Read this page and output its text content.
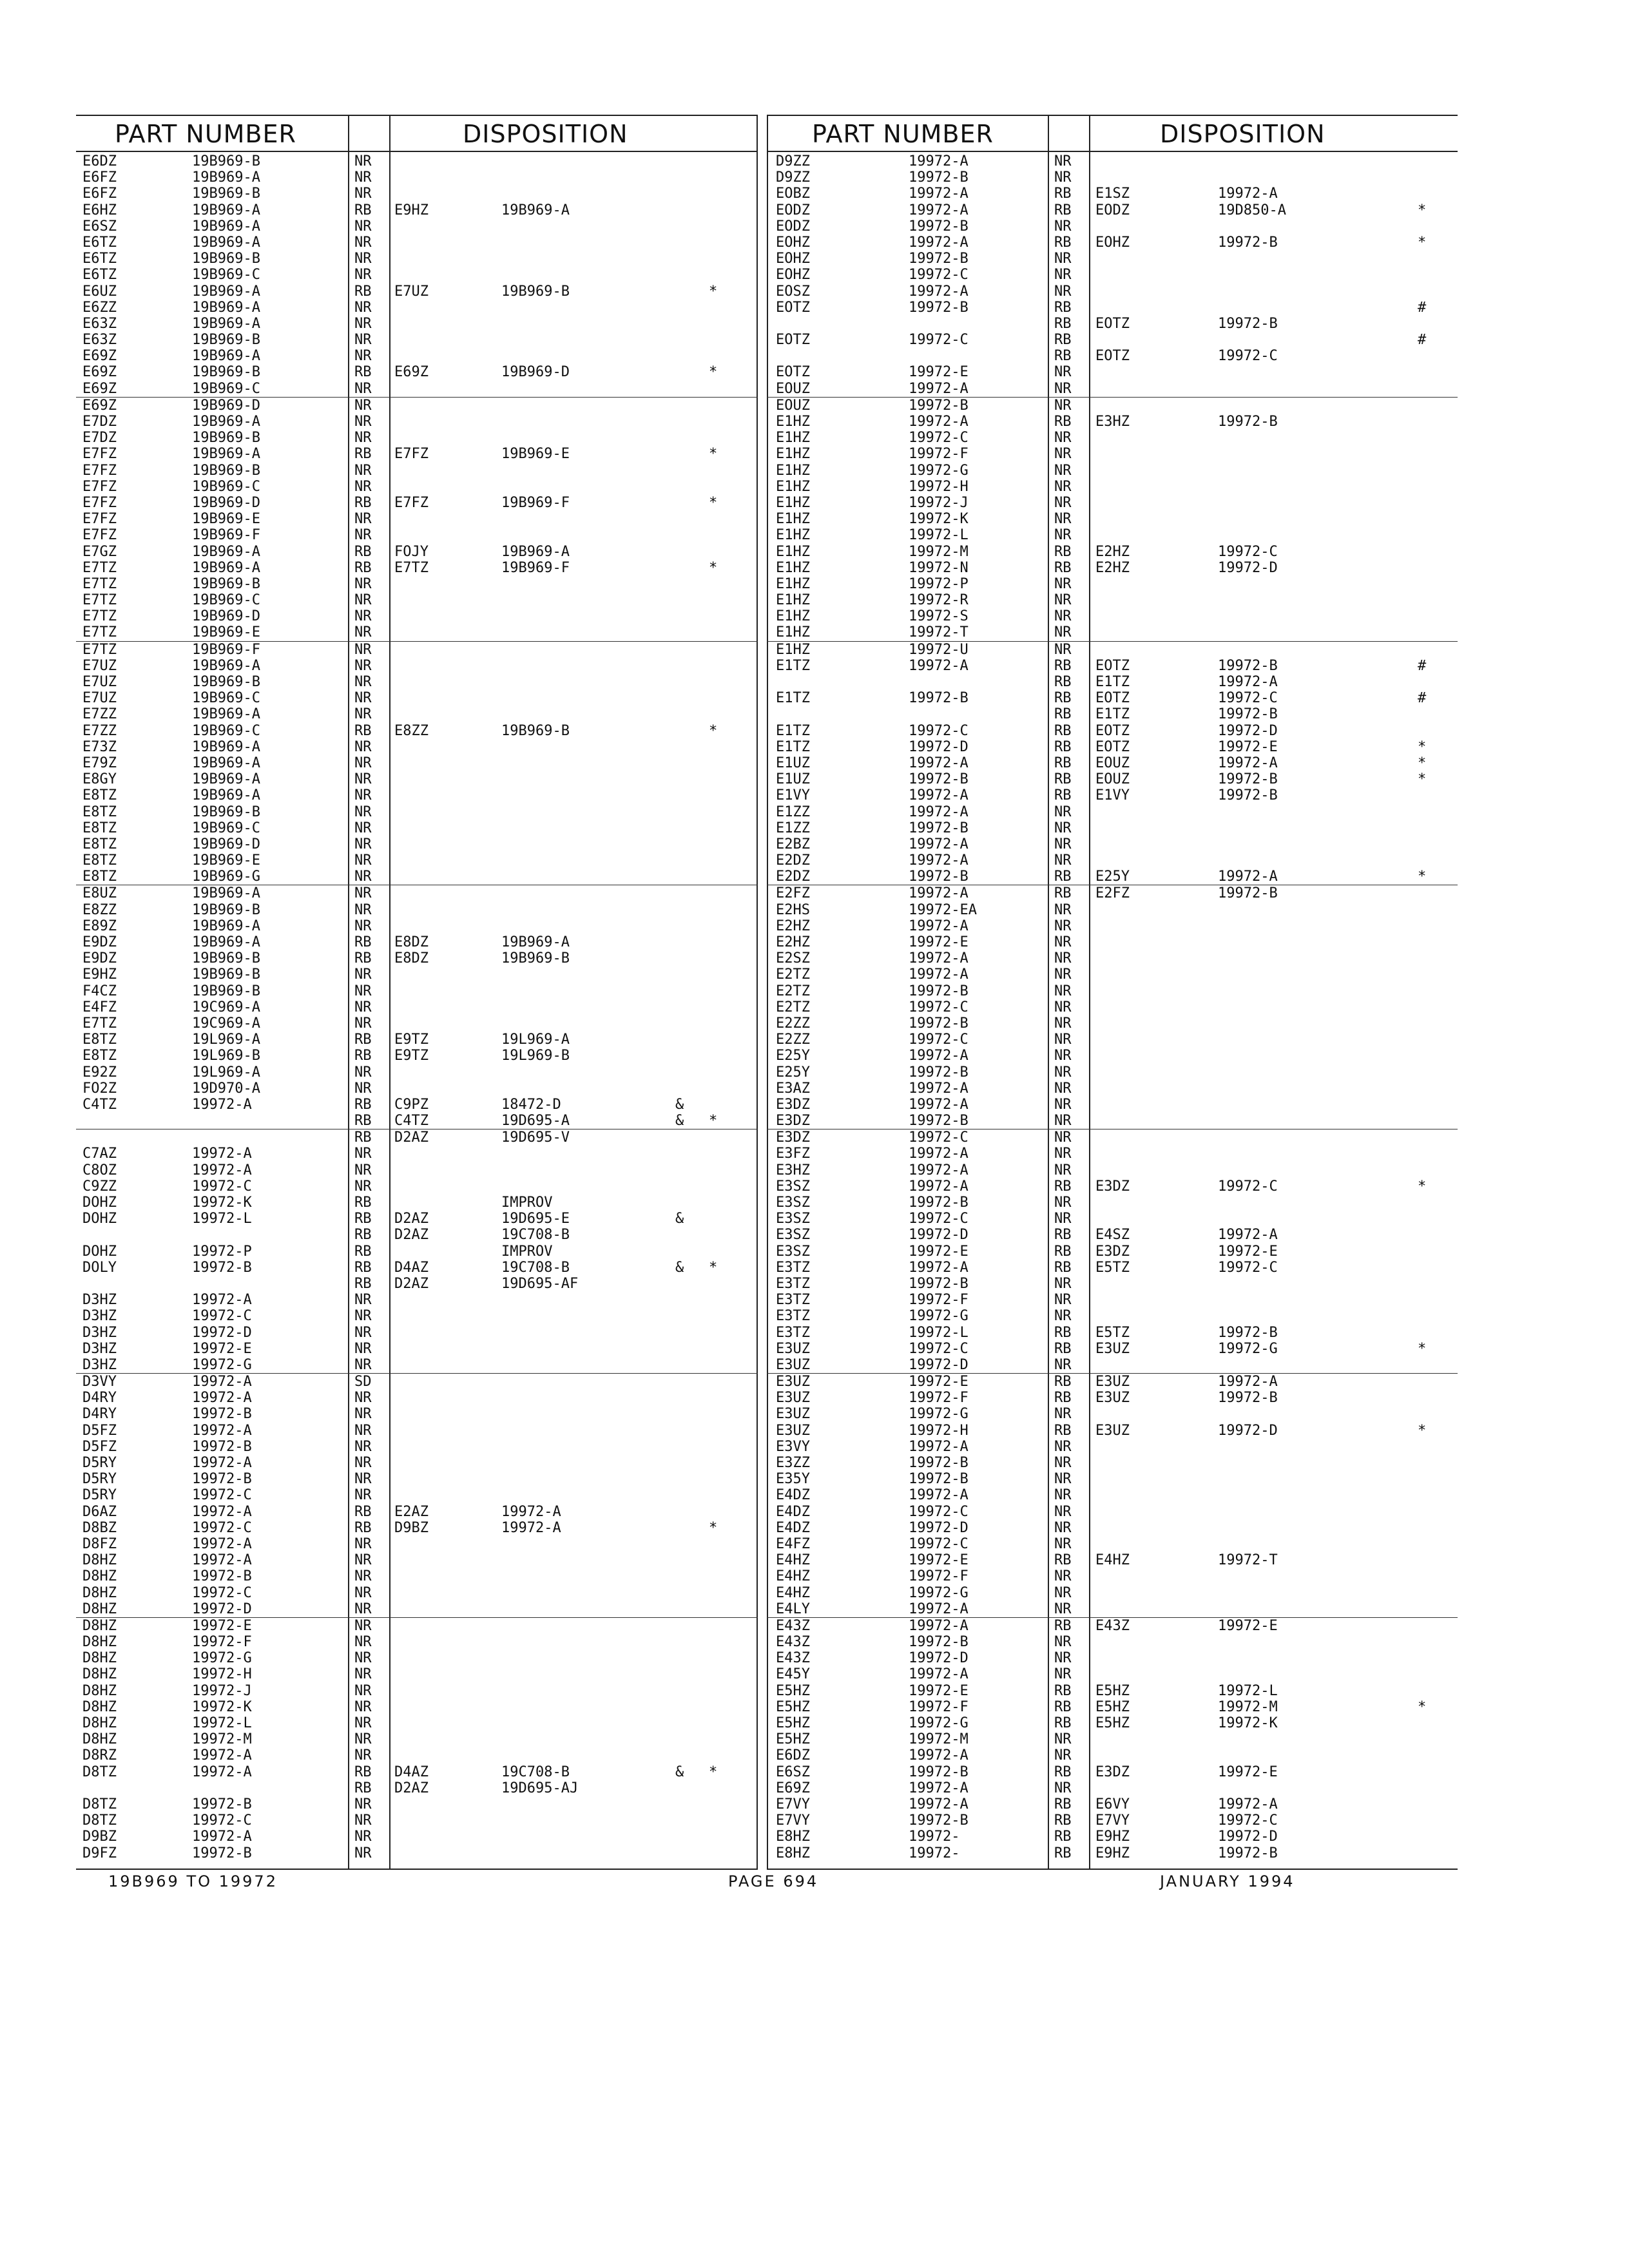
PART NUMBER	DISPOSITION
E6DZ	19B969-B	NR
E6FZ	19B969-A	NR
E6FZ	19B969-B	NR
E6HZ	19B969-A	RB E9HZ	19B969-A
E6SZ	19B969-A	NR
E6TZ	19B969-A	NR
E6TZ	19B969-B	NR
E6TZ	19B969-C	NR
E6UZ	19B969-A	RB E7UZ	19B969-B	*
E6ZZ	19B969-A	NR
E63Z	19B969-A	NR
E63Z	19B969-B	NR
E69Z	19B969-A	NR
E69Z	19B969-B	RB E69Z	19B969-D	*
E69Z	19B969-C	NR
E69Z	19B969-D	NR
E7DZ	19B969-A	NR
E7DZ	19B969-B	NR
E7FZ	19B969-A	RB E7FZ	19B969-E	*
E7FZ	19B969-B	NR
E7FZ	19B969-C	NR
E7FZ	19B969-D	RB E7FZ	19B969-F	*
E7FZ	19B969-E	NR
E7FZ	19B969-F	NR
E7GZ	19B969-A	RB FOJY	19B969-A
E7TZ	19B969-A	RB E7TZ	19B969-F	*
E7TZ	19B969-B	NR
E7TZ	19B969-C	NR
E7TZ	19B969-D	NR
E7TZ	19B969-E	NR
E7TZ	19B969-F	NR
E7UZ	19B969-A	NR
E7UZ	19B969-B	NR
E7UZ	19B969-C	NR
E7ZZ	19B969-A	NR
E7ZZ	19B969-C	RB E8ZZ	19B969-B	*
E73Z	19B969-A	NR
E79Z	19B969-A	NR
E8GY	19B969-A	NR
E8TZ	19B969-A	NR
E8TZ	19B969-B	NR
E8TZ	19B969-C	NR
E8TZ	19B969-D	NR
E8TZ	19B969-E	NR
E8TZ	19B969-G	NR
E8UZ	19B969-A	NR
E8ZZ	19B969-B	NR
E89Z	19B969-A	NR
E9DZ	19B969-A	RB E8DZ	19B969-A
E9DZ	19B969-B	RB E8DZ	19B969-B
E9HZ	19B969-B	NR
F4CZ	19B969-B	NR
E4FZ	19C969-A	NR
E7TZ	19C969-A	NR
E8TZ	19L969-A	RB E9TZ	19L969-A
E8TZ	19L969-B	RB E9TZ	19L969-B
E92Z	19L969-A	NR
FO2Z	19D970-A	NR
C4TZ	19972-A	RB C9PZ	18472-D	&
RB C4TZ	19D695-A	& *
RB D2AZ	19D695-V
C7AZ	19972-A	NR
C8OZ	19972-A	NR
C9ZZ	19972-C	NR
DOHZ	19972-K	RB	IMPROV
DOHZ	19972-L	RB D2AZ	19D695-E	&
RB D2AZ	19C708-B
DOHZ	19972-P	RB	IMPROV
DOLY	19972-B	RB D4AZ	19C708-B	& *
RB D2AZ	19D695-AF
D3HZ	19972-A	NR
D3HZ	19972-C	NR
D3HZ	19972-D	NR
D3HZ	19972-E	NR
D3HZ	19972-G	NR
D3VY	19972-A	SD
D4RY	19972-A	NR
D4RY	19972-B	NR
D5FZ	19972-A	NR
D5FZ	19972-B	NR
D5RY	19972-A	NR
D5RY	19972-B	NR
D5RY	19972-C	NR
D6AZ	19972-A	RB E2AZ	19972-A
D8BZ	19972-C	RB D9BZ	19972-A	*
D8FZ	19972-A	NR
D8HZ	19972-A	NR
D8HZ	19972-B	NR
D8HZ	19972-C	NR
D8HZ	19972-D	NR
D8HZ	19972-E	NR
D8HZ	19972-F	NR
D8HZ	19972-G	NR
D8HZ	19972-H	NR
D8HZ	19972-J	NR
D8HZ	19972-K	NR
D8HZ	19972-L	NR
D8HZ	19972-M	NR
D8RZ	19972-A	NR
D8TZ	19972-A	RB D4AZ	19C708-B	& *
RB D2AZ	19D695-AJ
D8TZ	19972-B	NR
D8TZ	19972-C	NR
D9BZ	19972-A	NR
D9FZ	19972-B	NR
PART NUMBER	DISPOSITION
D9ZZ	19972-A	NR
D9ZZ	19972-B	NR
EOBZ	19972-A	RB E1SZ	19972-A
EODZ	19972-A	RB EODZ	19D850-A	*
EODZ	19972-B	NR
EOHZ	19972-A	RB EOHZ	19972-B	*
EOHZ	19972-B	NR
EOHZ	19972-C	NR
EOSZ	19972-A	NR
EOTZ	19972-B	RB	#
RB EOTZ	19972-B
EOTZ	19972-C	RB	#
RB EOTZ	19972-C
EOTZ	19972-E	NR
EOUZ	19972-A	NR
EOUZ	19972-B	NR
E1HZ	19972-A	RB E3HZ	19972-B
E1HZ	19972-C	NR
E1HZ	19972-F	NR
E1HZ	19972-G	NR
E1HZ	19972-H	NR
E1HZ	19972-J	NR
E1HZ	19972-K	NR
E1HZ	19972-L	NR
E1HZ	19972-M	RB E2HZ	19972-C
E1HZ	19972-N	RB E2HZ	19972-D
E1HZ	19972-P	NR
E1HZ	19972-R	NR
E1HZ	19972-S	NR
E1HZ	19972-T	NR
E1HZ	19972-U	NR
E1TZ	19972-A	RB EOTZ	19972-B	#
RB E1TZ	19972-A
E1TZ	19972-B	RB EOTZ	19972-C	#
RB E1TZ	19972-B
E1TZ	19972-C	RB EOTZ	19972-D
E1TZ	19972-D	RB EOTZ	19972-E	*
E1UZ	19972-A	RB EOUZ	19972-A	*
E1UZ	19972-B	RB EOUZ	19972-B	*
E1VY	19972-A	RB E1VY	19972-B
E1ZZ	19972-A	NR
E1ZZ	19972-B	NR
E2BZ	19972-A	NR
E2DZ	19972-A	NR
E2DZ	19972-B	RB E25Y	19972-A	*
E2FZ	19972-A	RB E2FZ	19972-B
E2HS	19972-EA	NR
E2HZ	19972-A	NR
E2HZ	19972-E	NR
E2SZ	19972-A	NR
E2TZ	19972-A	NR
E2TZ	19972-B	NR
E2TZ	19972-C	NR
E2ZZ	19972-B	NR
E2ZZ	19972-C	NR
E25Y	19972-A	NR
E25Y	19972-B	NR
E3AZ	19972-A	NR
E3DZ	19972-A	NR
E3DZ	19972-B	NR
E3DZ	19972-C	NR
E3FZ	19972-A	NR
E3HZ	19972-A	NR
E3SZ	19972-A	RB E3DZ	19972-C	*
E3SZ	19972-B	NR
E3SZ	19972-C	NR
E3SZ	19972-D	RB E4SZ	19972-A
E3SZ	19972-E	RB E3DZ	19972-E
E3TZ	19972-A	RB E5TZ	19972-C
E3TZ	19972-B	NR
E3TZ	19972-F	NR
E3TZ	19972-G	NR
E3TZ	19972-L	RB E5TZ	19972-B
E3UZ	19972-C	RB E3UZ	19972-G	*
E3UZ	19972-D	NR
E3UZ	19972-E	RB E3UZ	19972-A
E3UZ	19972-F	RB E3UZ	19972-B
E3UZ	19972-G	NR
E3UZ	19972-H	RB E3UZ	19972-D	*
E3VY	19972-A	NR
E3ZZ	19972-B	NR
E35Y	19972-B	NR
E4DZ	19972-A	NR
E4DZ	19972-C	NR
E4DZ	19972-D	NR
E4FZ	19972-C	NR
E4HZ	19972-E	RB E4HZ	19972-T
E4HZ	19972-F	NR
E4HZ	19972-G	NR
E4LY	19972-A	NR
E43Z	19972-A	RB E43Z	19972-E
E43Z	19972-B	NR
E43Z	19972-D	NR
E45Y	19972-A	NR
E5HZ	19972-E	RB E5HZ	19972-L
E5HZ	19972-F	RB E5HZ	19972-M	*
E5HZ	19972-G	RB E5HZ	19972-K
E5HZ	19972-M	NR
E6DZ	19972-A	NR
E6SZ	19972-B	RB E3DZ	19972-E
E69Z	19972-A	NR
E7VY	19972-A	RB E6VY	19972-A
E7VY	19972-B	RB E7VY	19972-C
E8HZ	19972-	RB E9HZ	19972-D
E8HZ	19972-	RB E9HZ	19972-B
19B969 TO 19972	PAGE 694	JANUARY 1994
